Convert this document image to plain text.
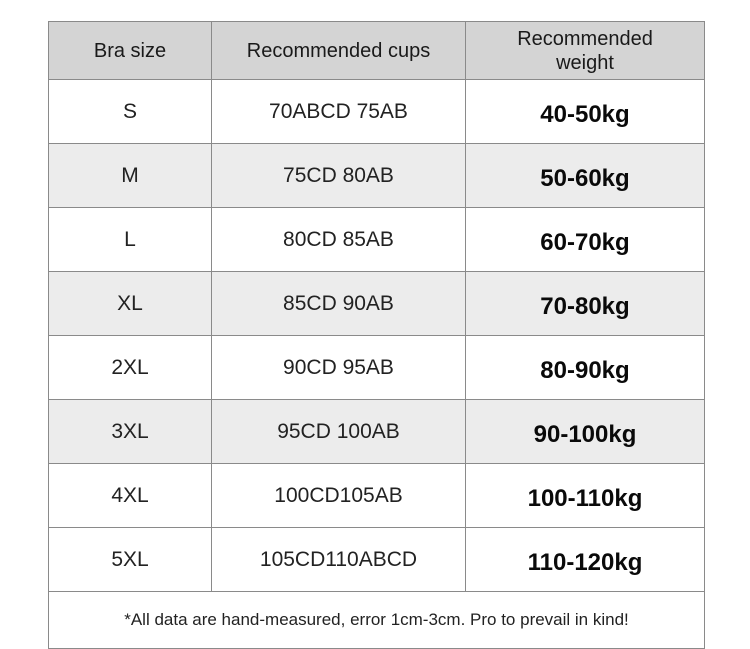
Bra size	Recommended cups	Recommended
weight

S	70ABCD 75AB	40-50kg
M	75CD 80AB	50-60kg
L	80CD 85AB	60-70kg
XL	85CD 90AB	70-80kg
2XL	90CD 95AB	80-90kg
3XL	95CD 100AB	90-100kg
4XL	100CD105AB	100-110kg
5XL	105CD110ABCD	110-120kg
*All data are hand-measured, error 1cm-3cm. Pro to prevail in kind!		
